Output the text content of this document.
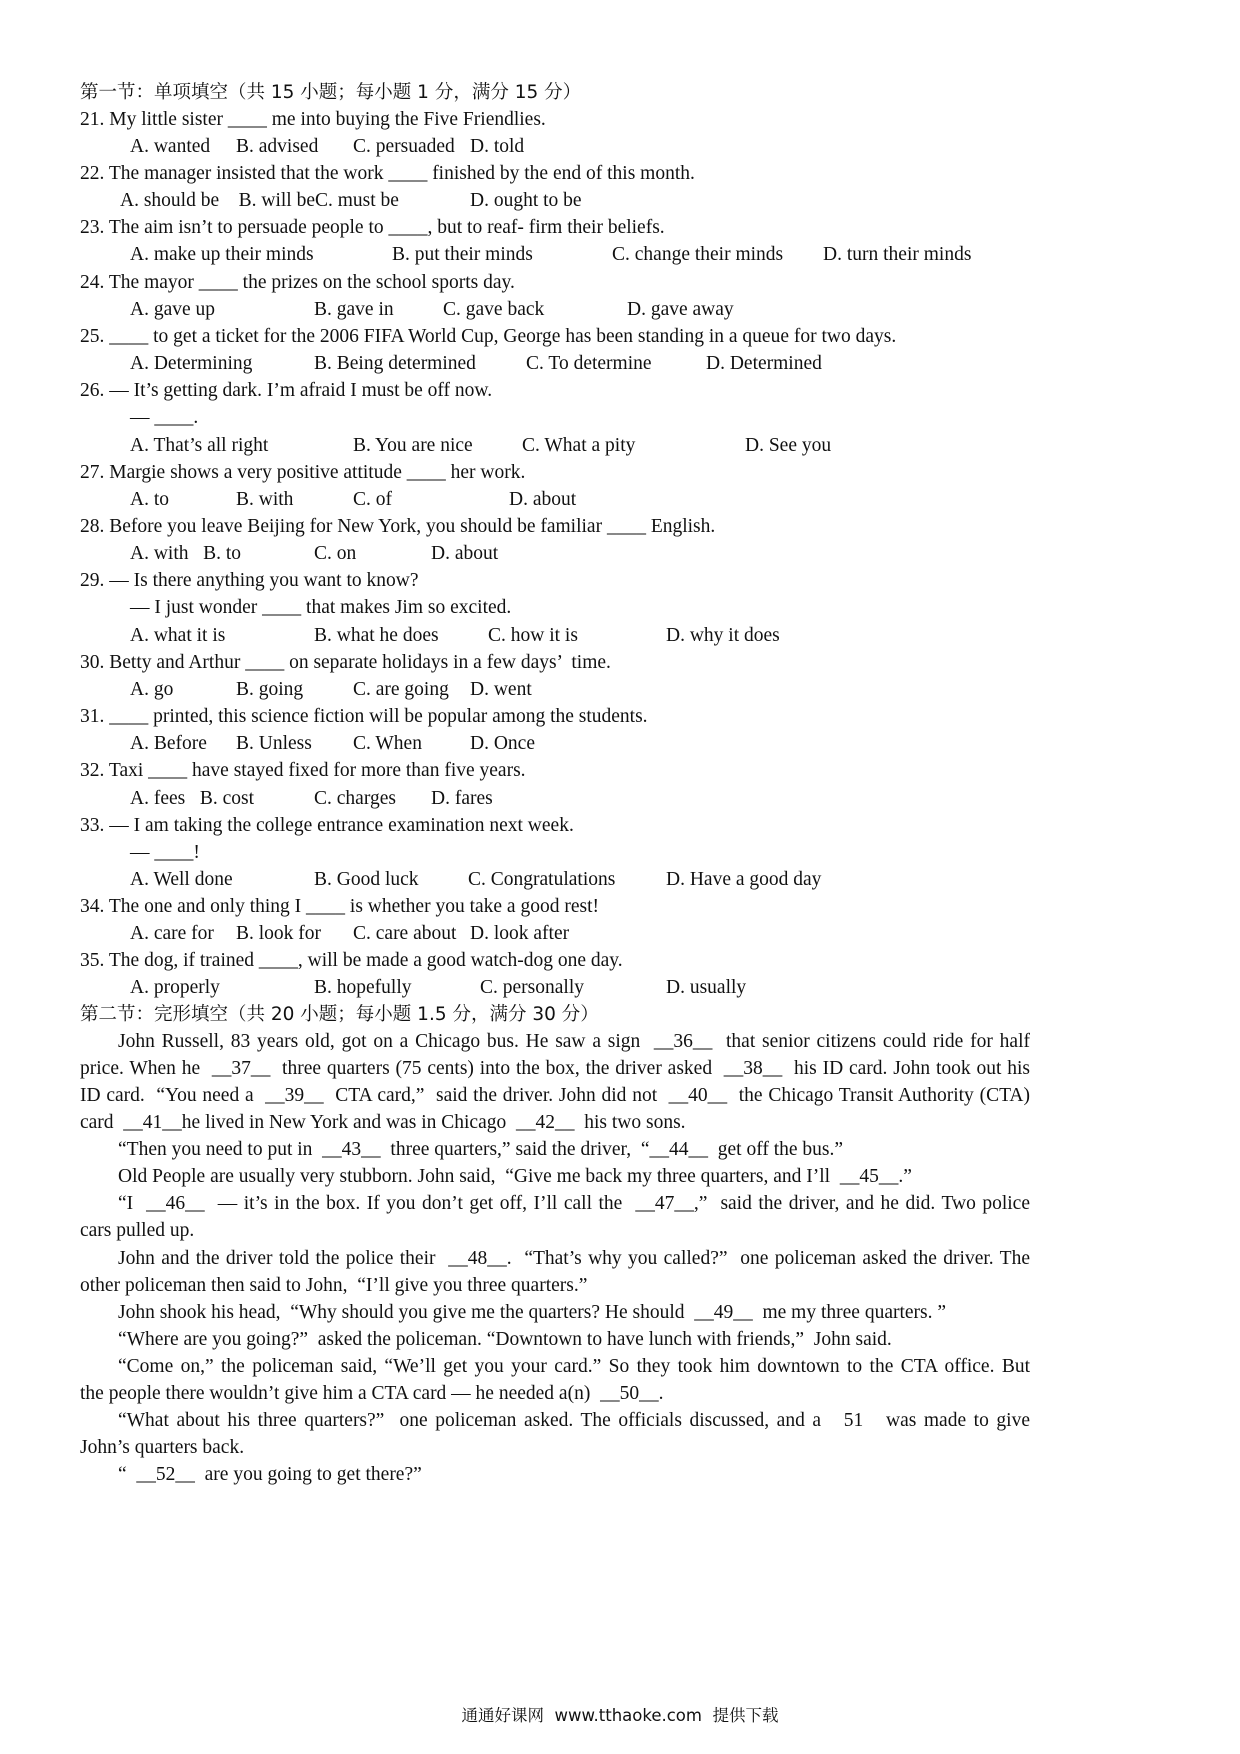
第一节：单项填空（共 15 小题；每小题 1 分，满分 15 分）
21. My little sister ____ me into buying the Five Friendlies.
A. wanted B. advised C. persuaded D. told
22. The manager insisted that the work ____ finished by the end of this month.
A. should be    B. will beC. must be	D. ought to be
23. The aim isn’t to persuade people to ____, but to reaf- firm their beliefs.
A. make up their minds	B. put their minds	C. change their minds D. turn their minds
24. The mayor ____ the prizes on the school sports day.
A. gave up	B. gave in	C. gave back	D. gave away
25. ____ to get a ticket for the 2006 FIFA World Cup, George has been standing in a queue for two days.
A. Determining	B. Being determined	C. To determine	D. Determined
26. — It’s getting dark. I’m afraid I must be off now.
— ____.
A. That’s all right	B. You are nice	C. What a pity	D. See you
27. Margie shows a very positive attitude ____ her work.
A. to	B. with	C. of	D. about
28. Before you leave Beijing for New York, you should be familiar ____ English.
A. with   B. to	C. on	D. about
29. — Is there anything you want to know?
— I just wonder ____ that makes Jim so excited.
A. what it is	B. what he does	C. how it is	D. why it does
30. Betty and Arthur ____ on separate holidays in a few days’  time.
A. go	B. going	C. are going D. went
31. ____ printed, this science fiction will be popular among the students.
A. Before B. Unless C. When D. Once
32. Taxi ____ have stayed fixed for more than five years.
A. fees   B. cost	C. charges D. fares
33. — I am taking the college entrance examination next week.
— ____!
A. Well done	B. Good luck	C. Congratulations	D. Have a good day
34. The one and only thing I ____ is whether you take a good rest!
A. care for B. look for C. care about D. look after
35. The dog, if trained ____, will be made a good watch-dog one day.
A. properly	B. hopefully	C. personally	D. usually
第二节：完形填空（共 20 小题；每小题 1.5 分，满分 30 分）
John Russell, 83 years old, got on a Chicago bus. He saw a sign  __36__  that senior citizens could ride for half
price. When he  __37__  three quarters (75 cents) into the box, the driver asked  __38__  his ID card. John took out his
ID card.  “You need a  __39__  CTA card,”  said the driver. John did not  __40__  the Chicago Transit Authority (CTA)
card  __41__he lived in New York and was in Chicago  __42__  his two sons.
“Then you need to put in  __43__  three quarters,” said the driver,  “__44__  get off the bus.”
Old People are usually very stubborn. John said,  “Give me back my three quarters, and I’ll  __45__.”
“I  __46__  — it’s in the box. If you don’t get off, I’ll call the  __47__,”  said the driver, and he did. Two police
cars pulled up.
John and the driver told the police their  __48__.  “That’s why you called?”  one policeman asked the driver. The
other policeman then said to John,  “I’ll give you three quarters.”
John shook his head,  “Why should you give me the quarters? He should  __49__  me my three quarters. ”
“Where are you going?”  asked the policeman. “Downtown to have lunch with friends,”  John said.
“Come on,” the policeman said, “We’ll get you your card.” So they took him downtown to the CTA office. But
the people there wouldn’t give him a CTA card — he needed a(n)  __50__.
“What about his three quarters?”  one policeman asked. The officials discussed, and a   51   was made to give
John’s quarters back.
“  __52__  are you going to get there?”
通通好课网  www.tthaoke.com  提供下载
